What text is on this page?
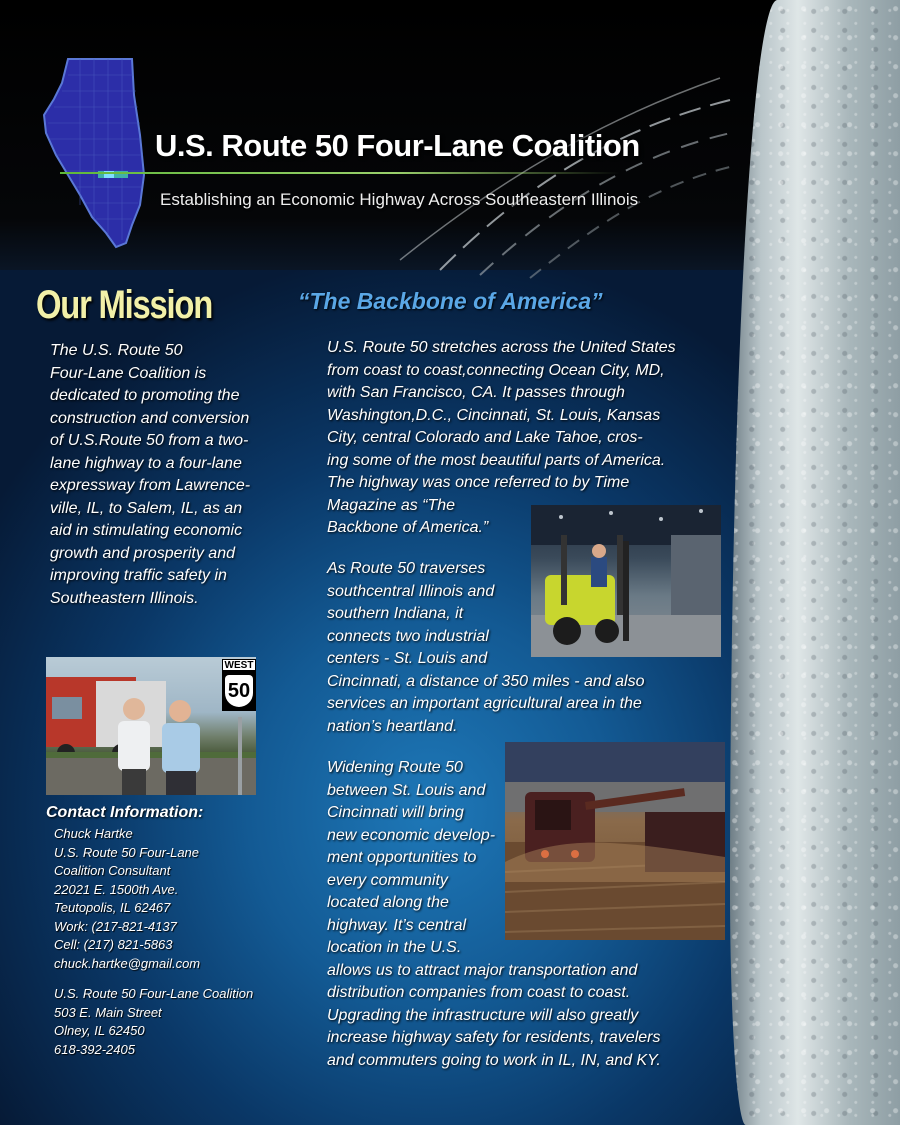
U.S. Route 50 Four-Lane Coalition
Establishing an Economic Highway Across Southeastern Illinois
Our Mission
The U.S. Route 50
Four-Lane Coalition is
dedicated to promoting the
construction and conversion
of U.S.Route 50 from a two-
lane highway to a four-lane
expressway from Lawrence-
ville, IL, to Salem, IL, as an
aid in stimulating economic
growth and prosperity and
improving traffic safety in
Southeastern Illinois.
WEST
50
“The Backbone of America”
U.S. Route 50 stretches across the United States
from coast to coast,connecting Ocean City, MD,
with San Francisco, CA. It passes through
Washington,D.C., Cincinnati, St. Louis, Kansas
City, central Colorado and Lake Tahoe, cros-
ing some of the most beautiful parts of America.
The highway was once referred to by Time
Magazine as “The
Backbone of America.”
As Route 50 traverses
southcentral Illinois and
southern Indiana, it
connects two industrial
centers - St. Louis and
Cincinnati, a distance of 350 miles - and also
services an important agricultural area in the
nation’s heartland.
Widening Route 50
between St. Louis and
Cincinnati will bring
new economic develop-
ment opportunities to
every community
located along the
highway. It’s central
location in the U.S.
allows us to attract major transportation and
distribution companies from coast to coast.
Upgrading the infrastructure will also greatly
increase highway safety for residents, travelers
and commuters going to work in IL, IN, and KY.
Contact Information:
Chuck Hartke
U.S. Route 50 Four-Lane
Coalition Consultant
22021 E. 1500th Ave.
Teutopolis, IL 62467
Work: (217-821-4137
Cell: (217) 821-5863
chuck.hartke@gmail.com
U.S. Route 50 Four-Lane Coalition
503 E. Main Street
Olney, IL 62450
618-392-2405
